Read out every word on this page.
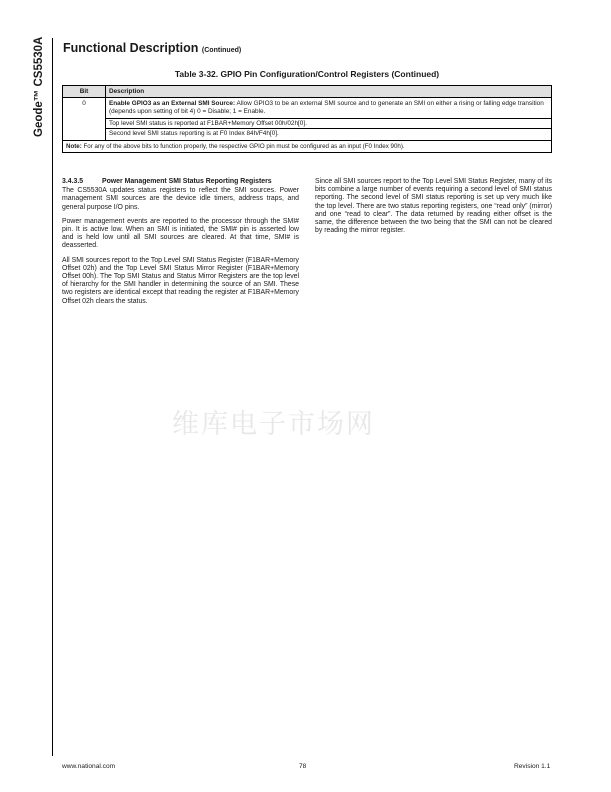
Geode™ CS5530A Functional Description (Continued)
Table 3-32. GPIO Pin Configuration/Control Registers (Continued)
Bit	Description
0	Enable GPIO3 as an External SMI Source: Allow GPIO3 to be an external SMI source and to generate an SMI on either a rising or falling edge transition (depends upon setting of bit 4) 0 = Disable; 1 = Enable.

Top level SMI status is reported at F1BAR+Memory Offset 00h/02h[0].

Second level SMI status reporting is at F0 Index 84h/F4h[0].

Note: For any of the above bits to function properly, the respective GPIO pin must be configured as an input (F0 Index 90h).	
3.4.3.5	Power Management SMI Status Reporting Registers

The CS5530A updates status registers to reflect the SMI sources. Power management SMI sources are the device idle timers, address traps, and general purpose I/O pins.

Power management events are reported to the processor through the SMI# pin. It is active low. When an SMI is initiated, the SMI# pin is asserted low and is held low until all SMI sources are cleared. At that time, SMI# is deasserted.

All SMI sources report to the Top Level SMI Status Register (F1BAR+Memory Offset 02h) and the Top Level SMI Status Mirror Register (F1BAR+Memory Offset 00h). The Top SMI Status and Status Mirror Registers are the top level of hierarchy for the SMI handler in determining the source of an SMI. These two registers are identical except that reading the register at F1BAR+Memory Offset 02h clears the status.

Since all SMI sources report to the Top Level SMI Status Register, many of its bits combine a large number of events requiring a second level of SMI status reporting. The second level of SMI status reporting is set up very much like the top level. There are two status reporting registers, one “read only” (mirror) and one “read to clear”. The data returned by reading either offset is the same, the difference between the two being that the SMI can not be cleared by reading the mirror register.

维库电子市场网
www.national.com	78	Revision 1.1
